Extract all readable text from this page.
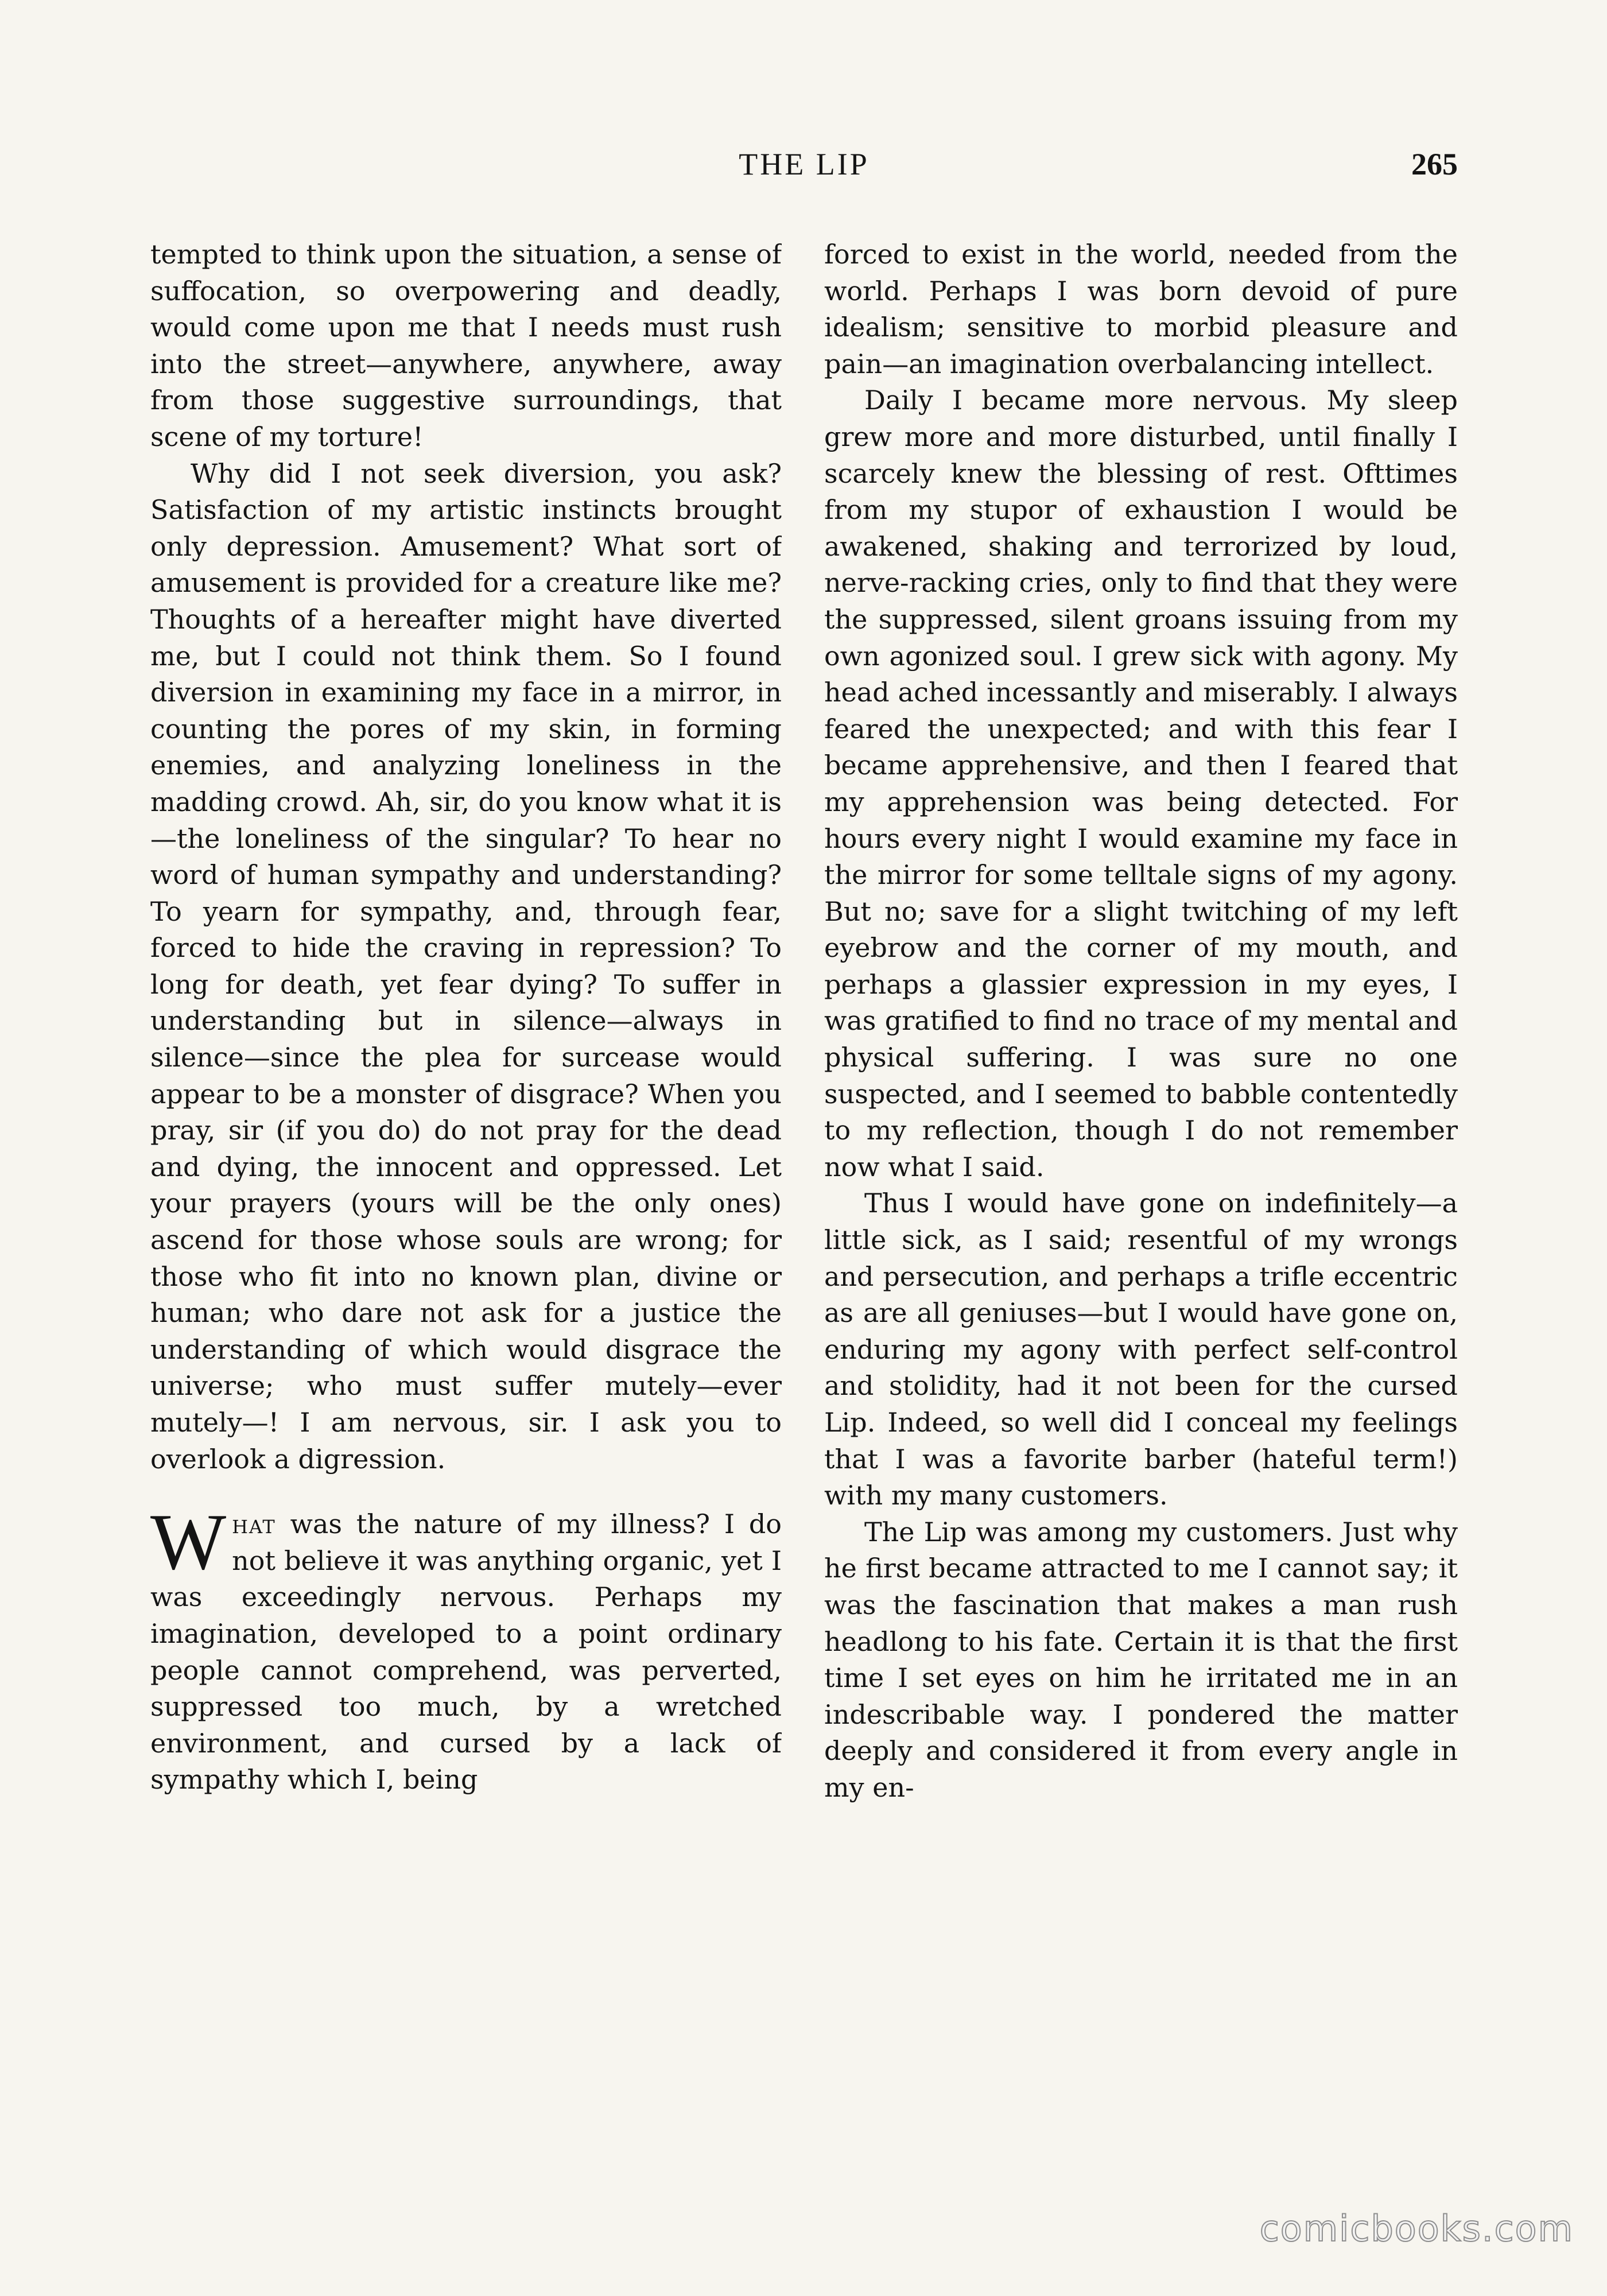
THE LIP	265

tempted to think upon the situation, a sense of suffocation, so overpowering and deadly, would come upon me that I needs must rush into the street—anywhere, anywhere, away from those suggestive surroundings, that scene of my torture!

Why did I not seek diversion, you ask? Satisfaction of my artistic instincts brought only depression. Amusement? What sort of amusement is provided for a creature like me? Thoughts of a hereafter might have diverted me, but I could not think them. So I found diversion in examining my face in a mirror, in counting the pores of my skin, in forming enemies, and analyzing loneliness in the madding crowd. Ah, sir, do you know what it is—the loneliness of the singular? To hear no word of human sympathy and understanding? To yearn for sympathy, and, through fear, forced to hide the craving in repression? To long for death, yet fear dying? To suffer in understanding but in silence—always in silence—since the plea for surcease would appear to be a monster of disgrace? When you pray, sir (if you do) do not pray for the dead and dying, the innocent and oppressed. Let your prayers (yours will be the only ones) ascend for those whose souls are wrong; for those who fit into no known plan, divine or human; who dare not ask for a justice the understanding of which would disgrace the universe; who must suffer mutely—ever mutely—! I am nervous, sir. I ask you to overlook a digression.

What was the nature of my illness? I do not believe it was anything organic, yet I was exceedingly nervous. Perhaps my imagination, developed to a point ordinary people cannot comprehend, was perverted, suppressed too much, by a wretched environment, and cursed by a lack of sympathy which I, being

forced to exist in the world, needed from the world. Perhaps I was born devoid of pure idealism; sensitive to morbid pleasure and pain—an imagination overbalancing intellect.

Daily I became more nervous. My sleep grew more and more disturbed, until finally I scarcely knew the blessing of rest. Ofttimes from my stupor of exhaustion I would be awakened, shaking and terrorized by loud, nerve-racking cries, only to find that they were the suppressed, silent groans issuing from my own agonized soul. I grew sick with agony. My head ached incessantly and miserably. I always feared the unexpected; and with this fear I became apprehensive, and then I feared that my apprehension was being detected. For hours every night I would examine my face in the mirror for some telltale signs of my agony. But no; save for a slight twitching of my left eyebrow and the corner of my mouth, and perhaps a glassier expression in my eyes, I was gratified to find no trace of my mental and physical suffering. I was sure no one suspected, and I seemed to babble contentedly to my reflection, though I do not remember now what I said.

Thus I would have gone on indefinitely—a little sick, as I said; resentful of my wrongs and persecution, and perhaps a trifle eccentric as are all geniuses—but I would have gone on, enduring my agony with perfect self-control and stolidity, had it not been for the cursed Lip. Indeed, so well did I conceal my feelings that I was a favorite barber (hateful term!) with my many customers.

The Lip was among my customers. Just why he first became attracted to me I cannot say; it was the fascination that makes a man rush headlong to his fate. Certain it is that the first time I set eyes on him he irritated me in an indescribable way. I pondered the matter deeply and considered it from every angle in my en-

comicbooks.com
